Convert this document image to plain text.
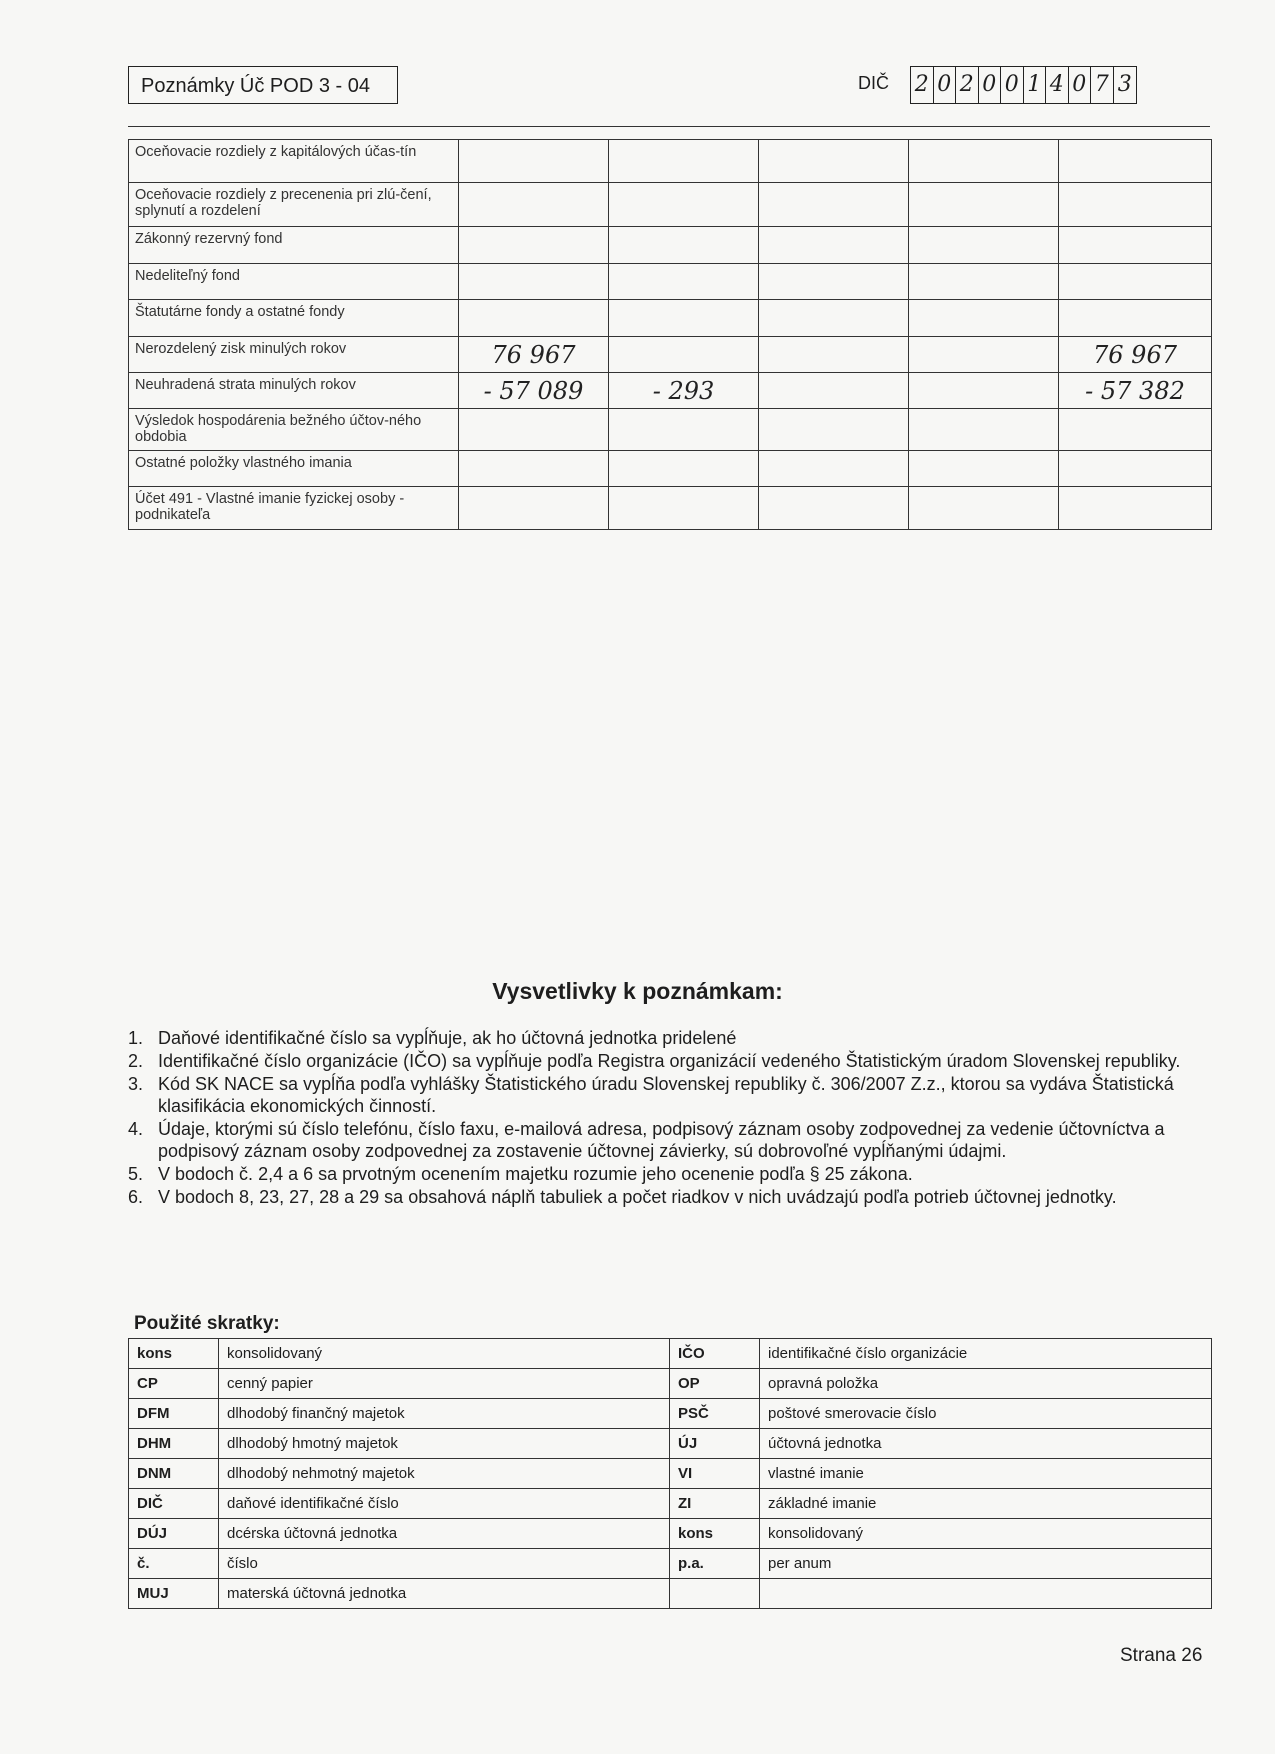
Poznámky Úč POD 3 - 04	DIČ 2 0 2 0 0 1 4 0 7 3
Oceňovacie rozdiely z kapitálových účas-tín					
Oceňovacie rozdiely z precenenia pri zlú-čení, splynutí a rozdelení					
Zákonný rezervný fond					
Nedeliteľný fond					
Štatutárne fondy a ostatné fondy					
Nerozdelený zisk minulých rokov	76 967				76 967
Neuhradená strata minulých rokov	- 57 089	- 293			- 57 382
Výsledok hospodárenia bežného účtov-ného obdobia					
Ostatné položky vlastného imania					
Účet 491 - Vlastné imanie fyzickej osoby - podnikateľa					
Vysvetlivky k poznámkam:
1. Daňové identifikačné číslo sa vypĺňuje, ak ho účtovná jednotka pridelené
2. Identifikačné číslo organizácie (IČO) sa vypĺňuje podľa Registra organizácií vedeného Štatistickým úradom Slovenskej republiky.
3. Kód SK NACE sa vypĺňa podľa vyhlášky Štatistického úradu Slovenskej republiky č. 306/2007 Z.z., ktorou sa vydáva Štatistická klasifikácia ekonomických činností.
4. Údaje, ktorými sú číslo telefónu, číslo faxu, e-mailová adresa, podpisový záznam osoby zodpovednej za vedenie účtovníctva a podpisový záznam osoby zodpovednej za zostavenie účtovnej závierky, sú dobrovoľné vypĺňanými údajmi.
5. V bodoch č. 2,4 a 6 sa prvotným ocenením majetku rozumie jeho ocenenie podľa § 25 zákona.
6. V bodoch 8, 23, 27, 28 a 29 sa obsahová náplň tabuliek a počet riadkov v nich uvádzajú podľa potrieb účtovnej jednotky.
Použité skratky:
kons	konsolidovaný	IČO	identifikačné číslo organizácie
CP	cenný papier	OP	opravná položka
DFM	dlhodobý finančný majetok	PSČ	poštové smerovacie číslo
DHM	dlhodobý hmotný majetok	ÚJ	účtovná jednotka
DNM	dlhodobý nehmotný majetok	VI	vlastné imanie
DIČ	daňové identifikačné číslo	ZI	základné imanie
DÚJ	dcérska účtovná jednotka	kons	konsolidovaný
č.	číslo	p.a.	per anum
MUJ	materská účtovná jednotka		
Strana 26
